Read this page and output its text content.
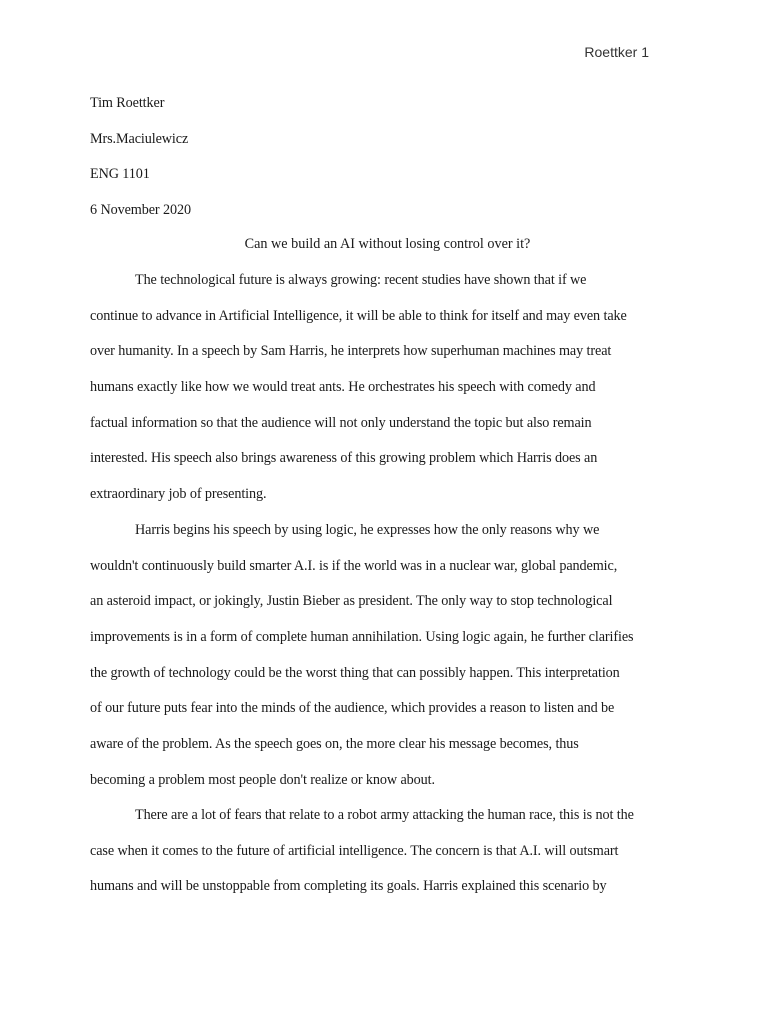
Roettker 1
Tim Roettker
Mrs.Maciulewicz
ENG 1101
6 November 2020
Can we build an AI without losing control over it?
The technological future is always growing: recent studies have shown that if we
continue to advance in Artificial Intelligence, it will be able to think for itself and may even take
over humanity. In a speech by Sam Harris, he interprets how superhuman machines may treat
humans exactly like how we would treat ants. He orchestrates his speech with comedy and
factual information so that the audience will not only understand the topic but also remain
interested. His speech also brings awareness of this growing problem which Harris does an
extraordinary job of presenting.
Harris begins his speech by using logic, he expresses how the only reasons why we
wouldn't continuously build smarter A.I. is if the world was in a nuclear war, global pandemic,
an asteroid impact, or jokingly, Justin Bieber as president. The only way to stop technological
improvements is in a form of complete human annihilation. Using logic again, he further clarifies
the growth of technology could be the worst thing that can possibly happen. This interpretation
of our future puts fear into the minds of the audience, which provides a reason to listen and be
aware of the problem. As the speech goes on, the more clear his message becomes, thus
becoming a problem most people don't realize or know about.
There are a lot of fears that relate to a robot army attacking the human race, this is not the
case when it comes to the future of artificial intelligence. The concern is that A.I. will outsmart
humans and will be unstoppable from completing its goals. Harris explained this scenario by
